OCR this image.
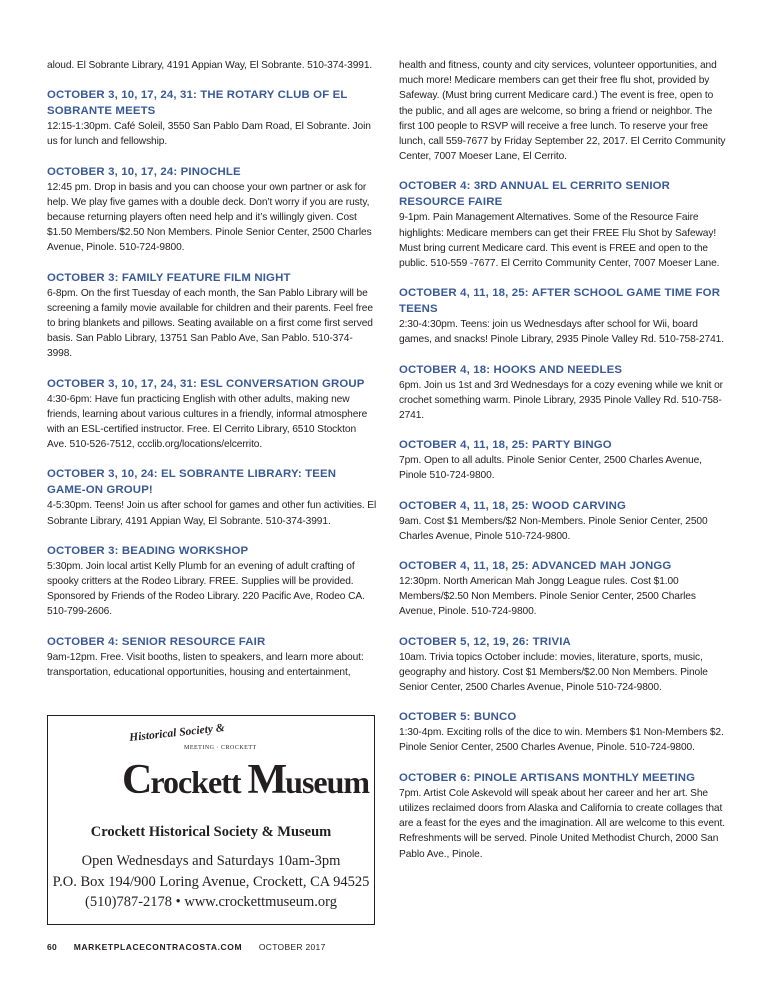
aloud. El Sobrante Library, 4191 Appian Way, El Sobrante. 510-374-3991.

OCTOBER 3, 10, 17, 24, 31: THE ROTARY CLUB OF EL SOBRANTE MEETS

12:15-1:30pm. Café Soleil, 3550 San Pablo Dam Road, El Sobrante. Join us for lunch and fellowship.

OCTOBER 3, 10, 17, 24: PINOCHLE

12:45 pm. Drop in basis and you can choose your own partner or ask for help. We play five games with a double deck. Don’t worry if you are rusty, because returning players often need help and it’s willingly given. Cost $1.50 Members/$2.50 Non Members. Pinole Senior Center, 2500 Charles Avenue, Pinole. 510-724-9800.

OCTOBER 3: FAMILY FEATURE FILM NIGHT

6-8pm. On the first Tuesday of each month, the San Pablo Library will be screening a family movie available for children and their parents. Feel free to bring blankets and pillows. Seating available on a first come first served basis. San Pablo Library, 13751 San Pablo Ave, San Pablo. 510-374-3998.

OCTOBER 3, 10, 17, 24, 31: ESL CONVERSATION GROUP

4:30-6pm: Have fun practicing English with other adults, making new friends, learning about various cultures in a friendly, informal atmosphere with an ESL-certified instructor. Free. El Cerrito Library, 6510 Stockton Ave. 510-526-7512, ccclib.org/locations/elcerrito.

OCTOBER 3, 10, 24: EL SOBRANTE LIBRARY: TEEN GAME-ON GROUP!

4-5:30pm. Teens! Join us after school for games and other fun activities. El Sobrante Library, 4191 Appian Way, El Sobrante. 510-374-3991.

OCTOBER 3: BEADING WORKSHOP

5:30pm. Join local artist Kelly Plumb for an evening of adult crafting of spooky critters at the Rodeo Library. FREE. Supplies will be provided. Sponsored by Friends of the Rodeo Library. 220 Pacific Ave, Rodeo CA. 510-799-2606.

OCTOBER 4: SENIOR RESOURCE FAIR

9am-12pm. Free. Visit booths, listen to speakers, and learn more about: transportation, educational opportunities, housing and entertainment,

health and fitness, county and city services, volunteer opportunities, and much more! Medicare members can get their free flu shot, provided by Safeway. (Must bring current Medicare card.) The event is free, open to the public, and all ages are welcome, so bring a friend or neighbor. The first 100 people to RSVP will receive a free lunch. To reserve your free lunch, call 559-7677 by Friday September 22, 2017. El Cerrito Community Center, 7007 Moeser Lane, El Cerrito.

OCTOBER 4: 3RD ANNUAL EL CERRITO SENIOR RESOURCE FAIRE

9-1pm. Pain Management Alternatives. Some of the Resource Faire highlights: Medicare members can get their FREE Flu Shot by Safeway! Must bring current Medicare card. This event is FREE and open to the public. 510-559 -7677. El Cerrito Community Center, 7007 Moeser Lane.

OCTOBER 4, 11, 18, 25: AFTER SCHOOL GAME TIME FOR TEENS

2:30-4:30pm. Teens: join us Wednesdays after school for Wii, board games, and snacks! Pinole Library, 2935 Pinole Valley Rd. 510-758-2741.

OCTOBER 4, 18: HOOKS AND NEEDLES

6pm. Join us 1st and 3rd Wednesdays for a cozy evening while we knit or crochet something warm. Pinole Library, 2935 Pinole Valley Rd. 510-758-2741.

OCTOBER 4, 11, 18, 25: PARTY BINGO

7pm. Open to all adults. Pinole Senior Center, 2500 Charles Avenue, Pinole 510-724-9800.

OCTOBER 4, 11, 18, 25: WOOD CARVING

9am. Cost $1 Members/$2 Non-Members. Pinole Senior Center, 2500 Charles Avenue, Pinole 510-724-9800.

OCTOBER 4, 11, 18, 25: ADVANCED MAH JONGG

12:30pm. North American Mah Jongg League rules. Cost $1.00 Members/$2.50 Non Members. Pinole Senior Center, 2500 Charles Avenue, Pinole. 510-724-9800.

OCTOBER 5, 12, 19, 26: TRIVIA

10am. Trivia topics October include: movies, literature, sports, music, geography and history. Cost $1 Members/$2.00 Non Members. Pinole Senior Center, 2500 Charles Avenue, Pinole 510-724-9800.

OCTOBER 5: BUNCO

1:30-4pm. Exciting rolls of the dice to win. Members $1 Non-Members $2. Pinole Senior Center, 2500 Charles Avenue, Pinole. 510-724-9800.

OCTOBER 6: PINOLE ARTISANS MONTHLY MEETING

7pm. Artist Cole Askevold will speak about her career and her art. She utilizes reclaimed doors from Alaska and California to create collages that are a feast for the eyes and the imagination. All are welcome to this event. Refreshments will be served. Pinole United Methodist Church, 2000 San Pablo Ave., Pinole.

Historical Society &
MEETING · CROCKETT
Crockett Museum
Crockett Historical Society & Museum
Open Wednesdays and Saturdays 10am-3pm
P.O. Box 194/900 Loring Avenue, Crockett, CA 94525
(510)787-2178 • www.crockettmuseum.org
60 MARKETPLACECONTRACOSTA.COM OCTOBER 2017
